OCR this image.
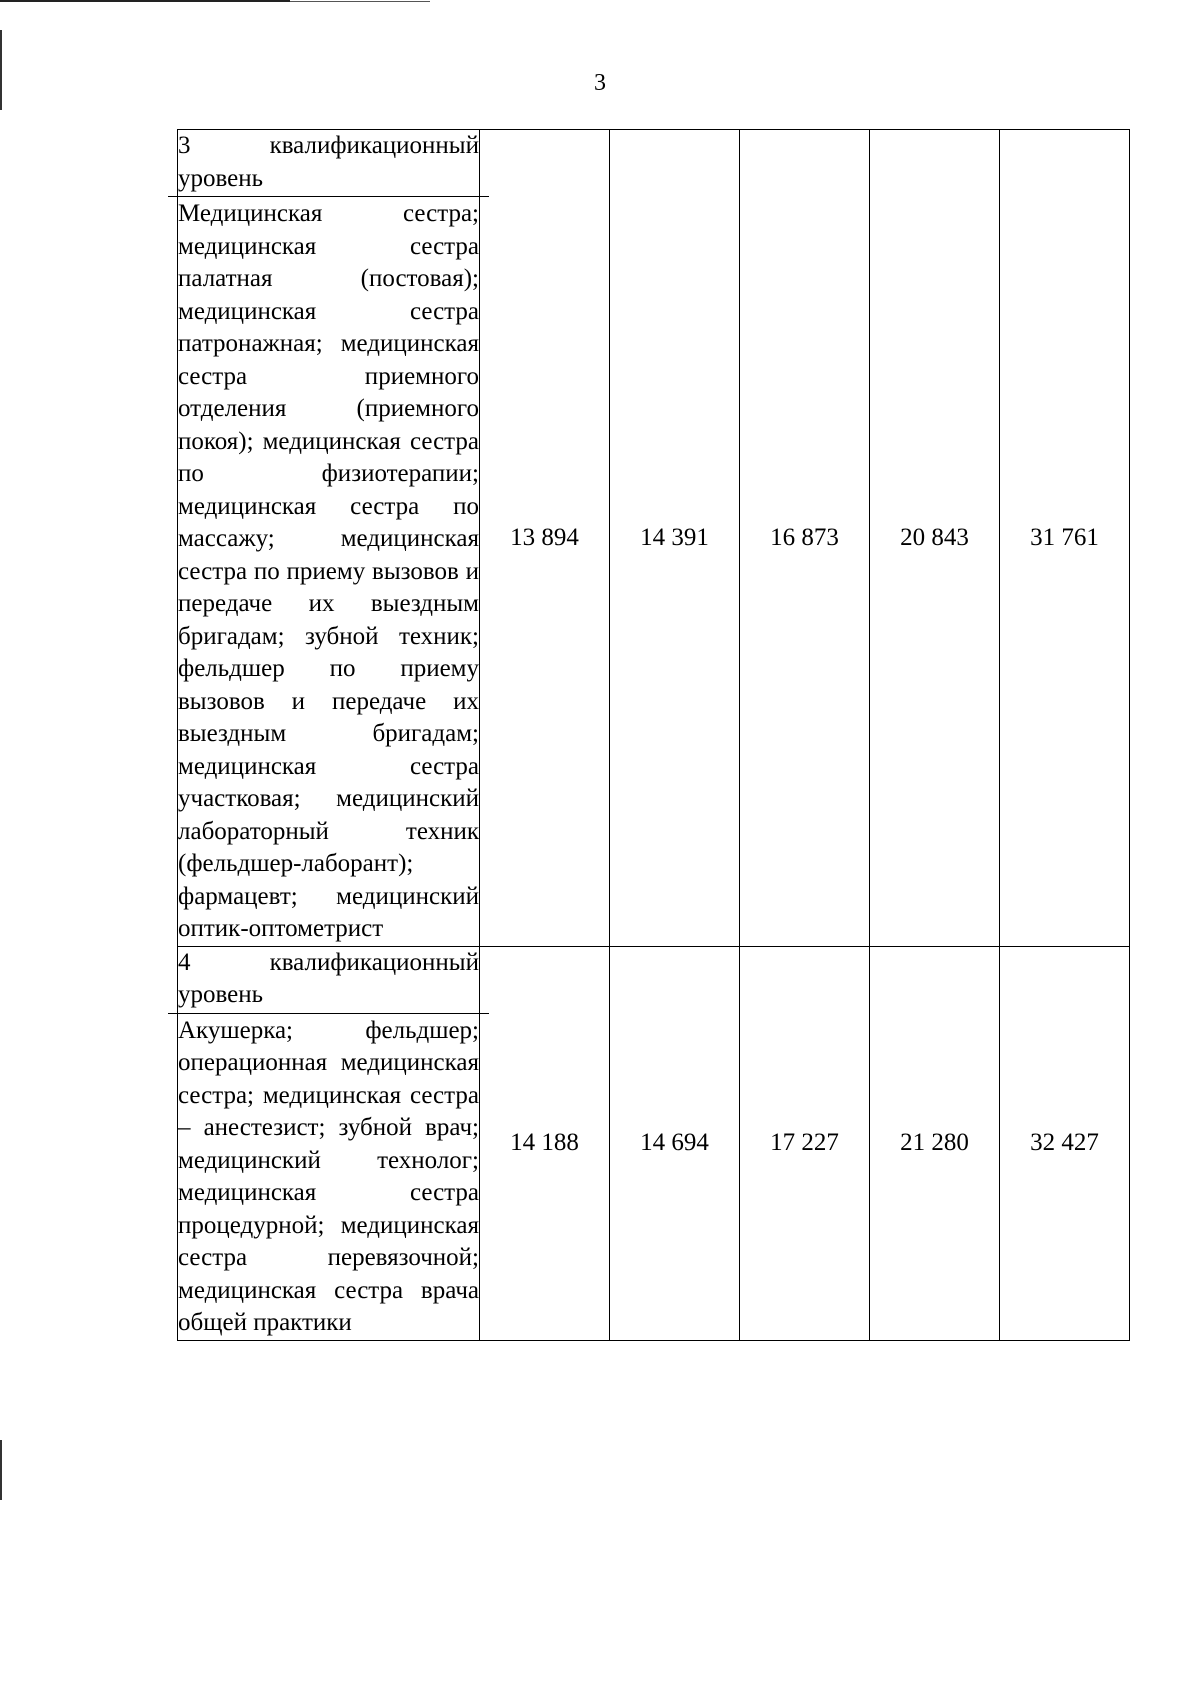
3
3 квалификационный
уровень
Медицинская сестра; медицинская сестра палатная (постовая); медицинская сестра патронажная; медицинская сестра приемного отделения (приемного покоя); медицинская сестра по физиотерапии; медицинская сестра по массажу; медицинская сестра по приему вызовов и передаче их выездным бригадам; зубной техник; фельдшер по приему вызовов и передаче их выездным бригадам; медицинская сестра участковая; медицинский лабораторный техник (фельдшер-лаборант); фармацевт; медицинский оптик-оптометрист	13 894	14 391	16 873	20 843	31 761

4 квалификационный
уровень
Акушерка; фельдшер; операционная медицинская сестра; медицинская сестра – анестезист; зубной врач; медицинский технолог; медицинская сестра процедурной; медицинская сестра перевязочной; медицинская сестра врача общей практики	14 188	14 694	17 227	21 280	32 427
